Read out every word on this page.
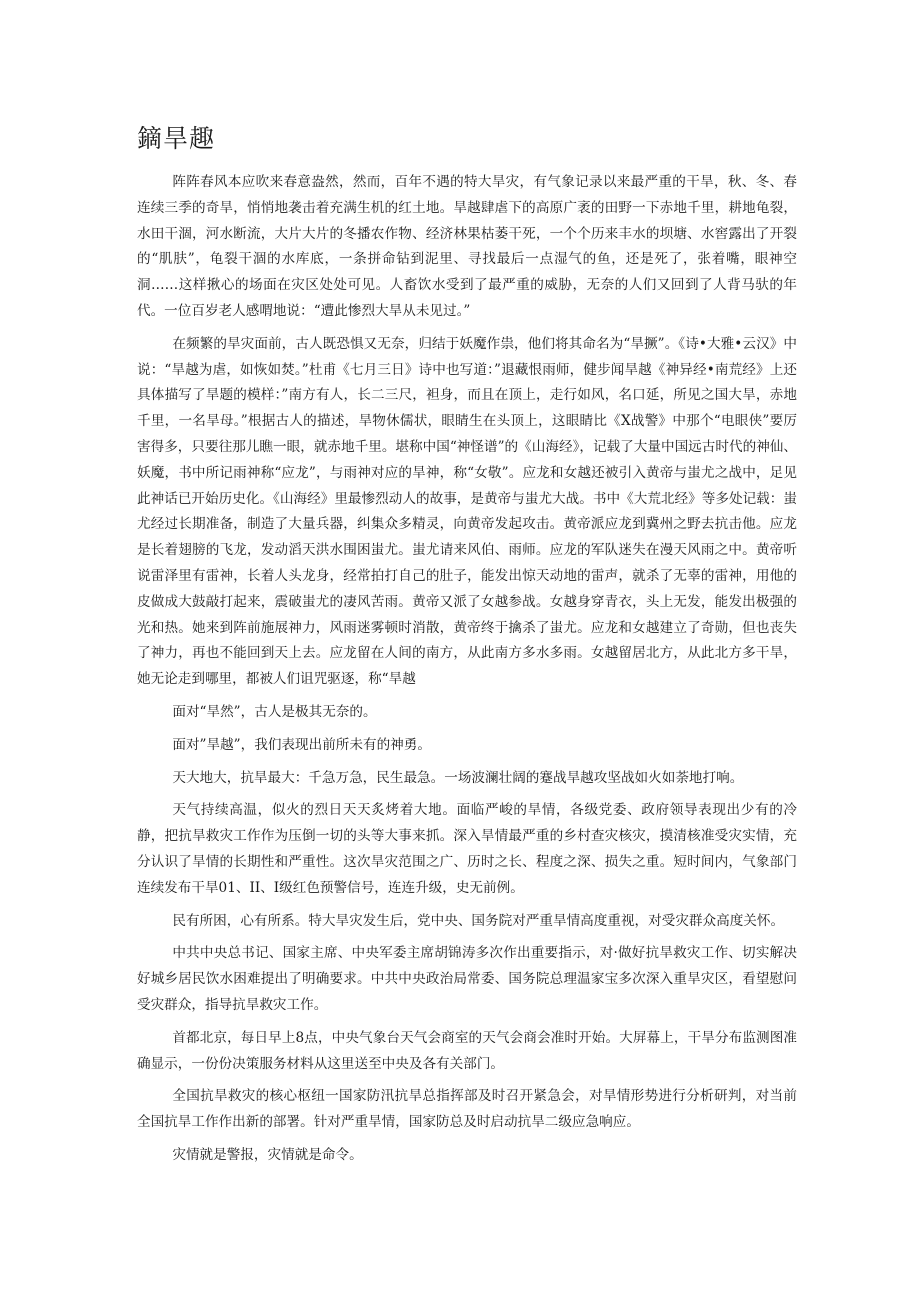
鏑旱趣

阵阵春风本应吹来春意盎然，然而，百年不遇的特大旱灾，有气象记录以来最严重的干旱，秋、冬、春连续三季的奇旱，悄悄地袭击着充满生机的红土地。旱越肆虐下的高原广袤的田野一下赤地千里，耕地龟裂，水田干涸，河水断流，大片大片的冬播农作物、经济林果枯萎干死，一个个历来丰水的坝塘、水窖露出了开裂的“肌肤”，龟裂干涸的水库底，一条拼命钻到泥里、寻找最后一点湿气的鱼，还是死了，张着嘴，眼神空洞……这样揪心的场面在灾区处处可见。人畜饮水受到了最严重的威胁，无奈的人们又回到了人背马驮的年代。一位百岁老人感喟地说：“遭此惨烈大旱从未见过。”

在频繁的旱灾面前，古人既恐惧又无奈，归结于妖魔作祟，他们将其命名为“旱撅”。《诗•大雅•云汉》中说：“旱越为虐，如恢如焚。”杜甫《七月三日》诗中也写道：”退藏恨雨师，健步闻旱越《神异经•南荒经》上还具体描写了旱题的模样：”南方有人，长二三尺，袒身，而且在顶上，走行如风，名口延，所见之国大旱，赤地千里，一名旱母。”根据古人的描述，旱物休儒状，眼睛生在头顶上，这眼睛比《X战警》中那个“电眼侠”要厉害得多，只要往那儿瞧一眼，就赤地千里。堪称中国“神怪谱”的《山海经》，记载了大量中国远古时代的神仙、妖魔，书中所记雨神称“应龙”，与雨神对应的旱神，称“女敬”。应龙和女越还被引入黄帝与蚩尤之战中，足见此神话已开始历史化。《山海经》里最惨烈动人的故事，是黄帝与蚩尤大战。书中《大荒北经》等多处记载：蚩尤经过长期准备，制造了大量兵器，纠集众多精灵，向黄帝发起攻击。黄帝派应龙到冀州之野去抗击他。应龙是长着翅膀的飞龙，发动滔天洪水围困蚩尤。蚩尤请来风伯、雨师。应龙的军队迷失在漫天风雨之中。黄帝听说雷泽里有雷神，长着人头龙身，经常拍打自己的肚子，能发出惊天动地的雷声，就杀了无辜的雷神，用他的皮做成大鼓敲打起来，震破蚩尤的凄风苦雨。黄帝又派了女越参战。女越身穿青衣，头上无发，能发出极强的光和热。她来到阵前施展神力，风雨迷雾顿时消散，黄帝终于擒杀了蚩尤。应龙和女越建立了奇勋，但也丧失了神力，再也不能回到天上去。应龙留在人间的南方，从此南方多水多雨。女越留居北方，从此北方多干旱，她无论走到哪里，都被人们诅咒驱逐，称“旱越

面对“旱然”，古人是极其无奈的。

面对”旱越”，我们表现出前所未有的神勇。

天大地大，抗旱最大：千急万急，民生最急。一场波澜壮阔的蹇战旱越攻坚战如火如荼地打响。

天气持续高温，似火的烈日天天炙烤着大地。面临严峻的旱情，各级党委、政府领导表现出少有的冷静，把抗旱救灾工作作为压倒一切的头等大事来抓。深入旱情最严重的乡村查灾核灾，摸清核准受灾实情，充分认识了旱情的长期性和严重性。这次旱灾范围之广、历时之长、程度之深、损失之重。短时间内，气象部门连续发布干旱01、II、I级红色预警信号，连连升级，史无前例。

民有所困，心有所系。特大旱灾发生后，党中央、国务院对严重旱情高度重视，对受灾群众高度关怀。

中共中央总书记、国家主席、中央军委主席胡锦涛多次作出重要指示，对·做好抗旱救灾工作、切实解决好城乡居民饮水困难提出了明确要求。中共中央政治局常委、国务院总理温家宝多次深入重旱灾区，看望慰问受灾群众，指导抗旱救灾工作。

首都北京，每日早上8点，中央气象台天气会商室的天气会商会准时开始。大屏幕上，干旱分布监测图准确显示，一份份决策服务材料从这里送至中央及各有关部门。

全国抗旱救灾的核心枢纽一国家防汛抗旱总指挥部及时召开紧急会，对旱情形势进行分析研判，对当前全国抗旱工作作出新的部署。针对严重旱情，国家防总及时启动抗旱二级应急响应。

灾情就是警报，灾情就是命令。
